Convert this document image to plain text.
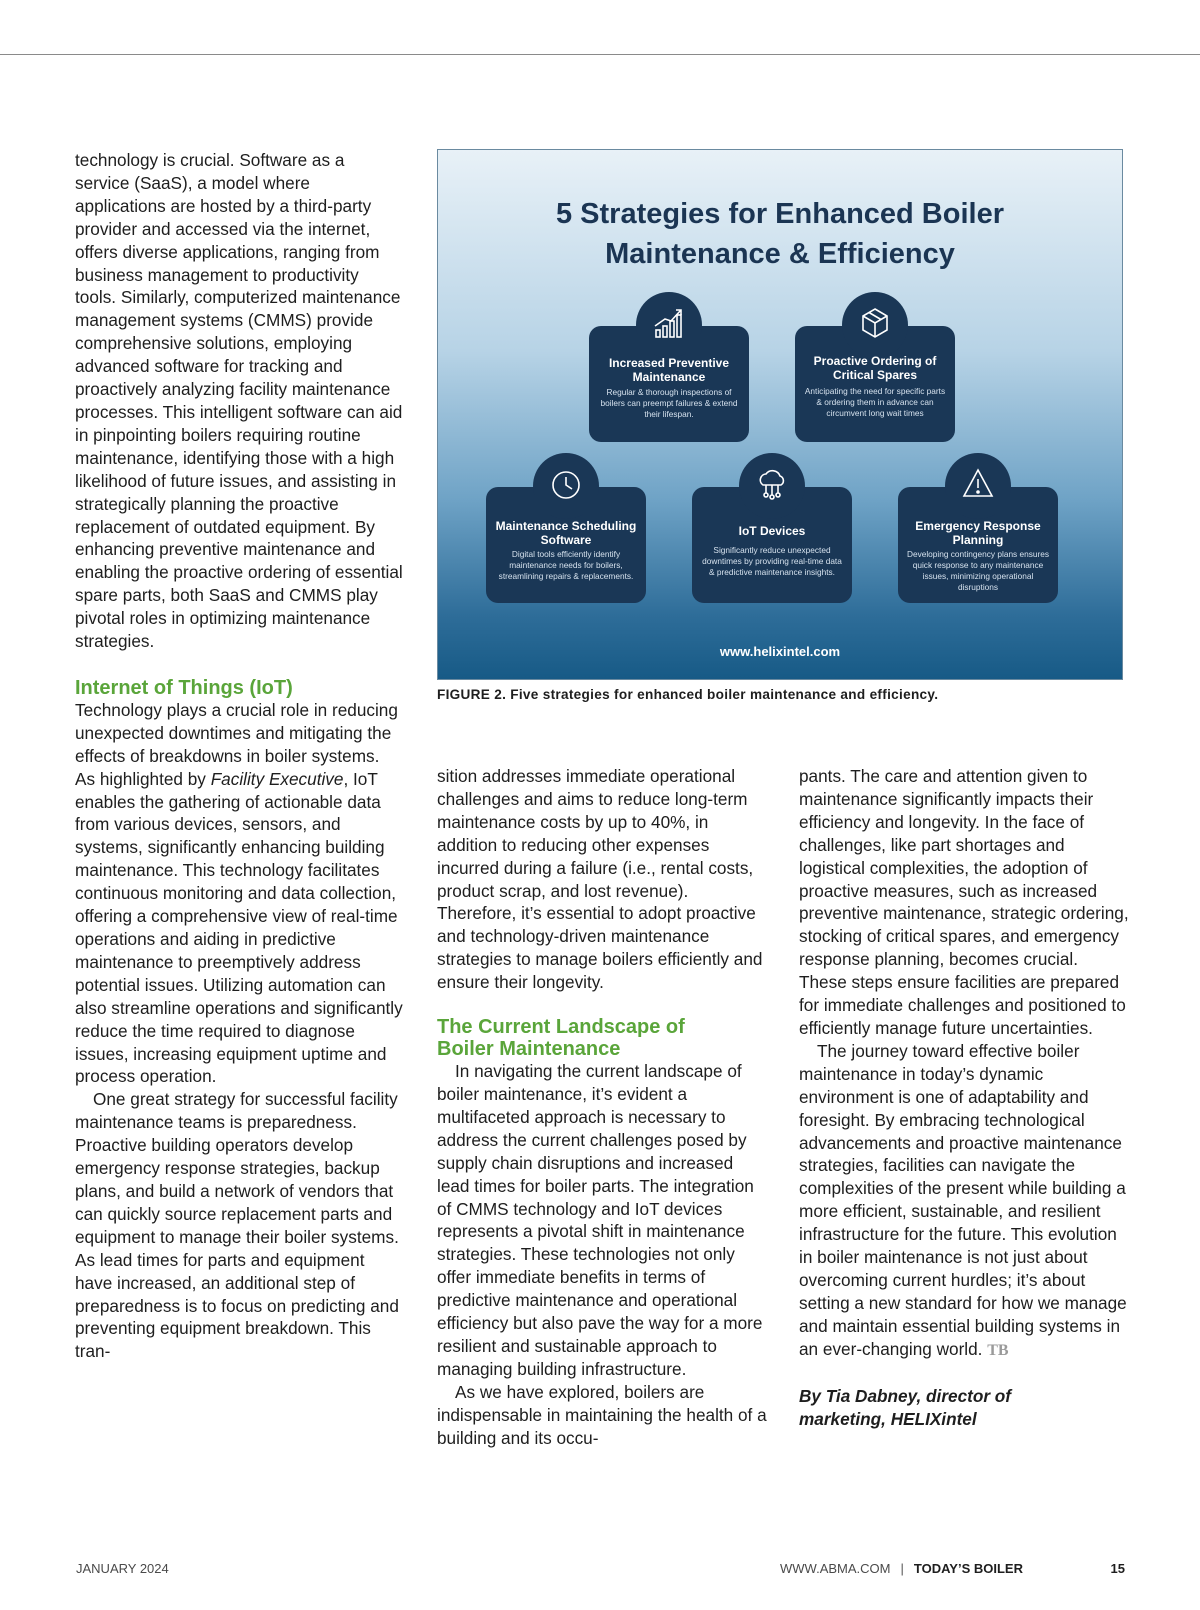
technology is crucial. Software as a service (SaaS), a model where applications are hosted by a third-party provider and accessed via the internet, offers diverse applications, ranging from business management to productivity tools. Similarly, computerized maintenance management systems (CMMS) provide comprehensive solutions, employing advanced software for tracking and proactively analyzing facility maintenance processes. This intelligent software can aid in pinpointing boilers requiring routine maintenance, identifying those with a high likelihood of future issues, and assisting in strategically planning the proactive replacement of outdated equipment. By enhancing preventive maintenance and enabling the proactive ordering of essential spare parts, both SaaS and CMMS play pivotal roles in optimizing maintenance strategies.

Internet of Things (IoT)

Technology plays a crucial role in reducing unexpected downtimes and mitigating the effects of breakdowns in boiler systems. As highlighted by Facility Executive, IoT enables the gathering of actionable data from various devices, sensors, and systems, significantly enhancing building maintenance. This technology facilitates continuous monitoring and data collection, offering a comprehensive view of real-time operations and aiding in predictive maintenance to preemptively address potential issues. Utilizing automation can also streamline operations and significantly reduce the time required to diagnose issues, increasing equipment uptime and process operation.

One great strategy for successful facility maintenance teams is preparedness. Proactive building operators develop emergency response strategies, backup plans, and build a network of vendors that can quickly source replacement parts and equipment to manage their boiler systems. As lead times for parts and equipment have increased, an additional step of preparedness is to focus on predicting and preventing equipment breakdown. This tran-

5 Strategies for Enhanced Boiler
Maintenance & Efficiency
Increased Preventive Maintenance
Regular & thorough inspections of boilers can preempt failures & extend their lifespan.
Proactive Ordering of Critical Spares
Anticipating the need for specific parts & ordering them in advance can circumvent long wait times
Maintenance Scheduling Software
Digital tools efficiently identify maintenance needs for boilers, streamlining repairs & replacements.
IoT Devices
Significantly reduce unexpected downtimes by providing real-time data & predictive maintenance insights.
Emergency Response Planning
Developing contingency plans ensures quick response to any maintenance issues, minimizing operational disruptions
www.helixintel.com
FIGURE 2. Five strategies for enhanced boiler maintenance and efficiency.

sition addresses immediate operational challenges and aims to reduce long-term maintenance costs by up to 40%, in addition to reducing other expenses incurred during a failure (i.e., rental costs, product scrap, and lost revenue). Therefore, it’s essential to adopt proactive and technology-driven maintenance strategies to manage boilers efficiently and ensure their longevity.

The Current Landscape of
Boiler Maintenance

In navigating the current landscape of boiler maintenance, it’s evident a multifaceted approach is necessary to address the current challenges posed by supply chain disruptions and increased lead times for boiler parts. The integration of CMMS technology and IoT devices represents a pivotal shift in maintenance strategies. These technologies not only offer immediate benefits in terms of predictive maintenance and operational efficiency but also pave the way for a more resilient and sustainable approach to managing building infrastructure.

As we have explored, boilers are indispensable in maintaining the health of a building and its occu-

pants. The care and attention given to maintenance significantly impacts their efficiency and longevity. In the face of challenges, like part shortages and logistical complexities, the adoption of proactive measures, such as increased preventive maintenance, strategic ordering, stocking of critical spares, and emergency response planning, becomes crucial. These steps ensure facilities are prepared for immediate challenges and positioned to efficiently manage future uncertainties.

The journey toward effective boiler maintenance in today’s dynamic environment is one of adaptability and foresight. By embracing technological advancements and proactive maintenance strategies, facilities can navigate the complexities of the present while building a more efficient, sustainable, and resilient infrastructure for the future. This evolution in boiler maintenance is not just about overcoming current hurdles; it’s about setting a new standard for how we manage and maintain essential building systems in an ever-changing world. TB

By Tia Dabney, director of
marketing, HELIXintel

JANUARY 2024	WWW.ABMA.COM | TODAY’S BOILER	15
